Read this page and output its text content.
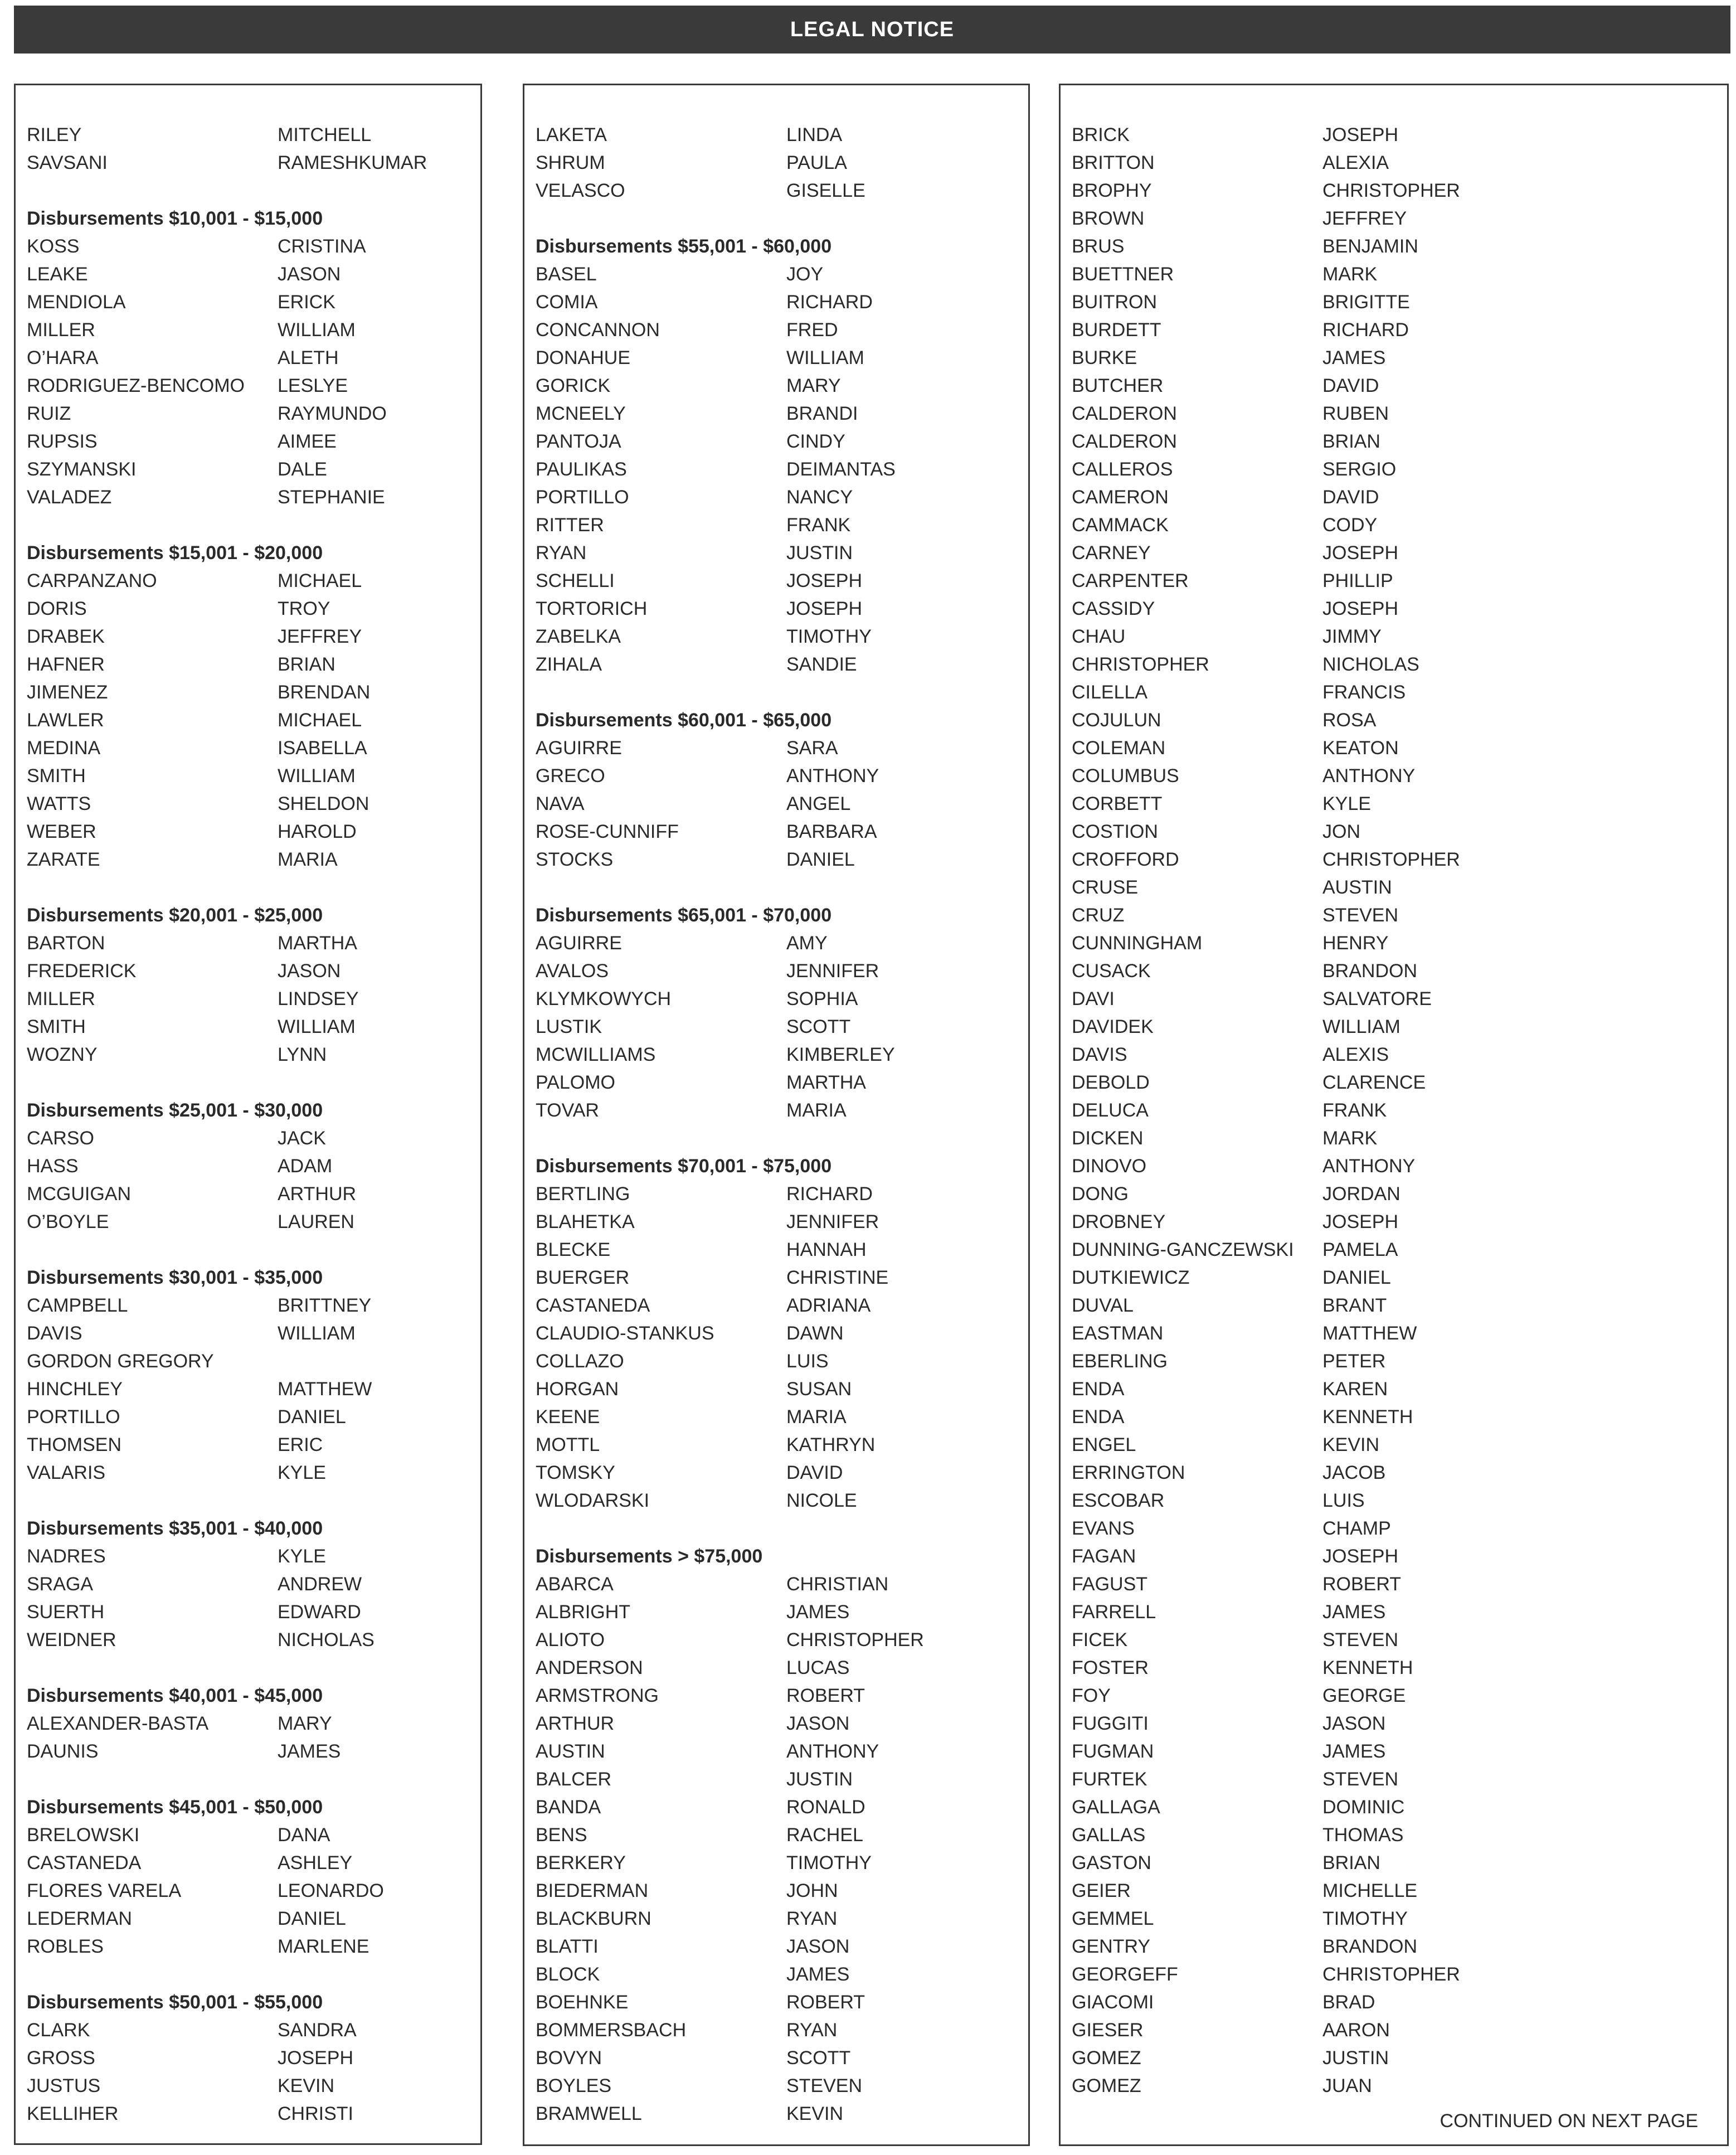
LEGAL NOTICE
RILEY	MITCHELL
SAVSANI	RAMESHKUMAR
Disbursements $10,001 - $15,000
KOSS	CRISTINA
LEAKE	JASON
MENDIOLA	ERICK
MILLER	WILLIAM
O’HARA	ALETH
RODRIGUEZ-BENCOMO	LESLYE
RUIZ	RAYMUNDO
RUPSIS	AIMEE
SZYMANSKI	DALE
VALADEZ	STEPHANIE
Disbursements $15,001 - $20,000
CARPANZANO	MICHAEL
DORIS	TROY
DRABEK	JEFFREY
HAFNER	BRIAN
JIMENEZ	BRENDAN
LAWLER	MICHAEL
MEDINA	ISABELLA
SMITH	WILLIAM
WATTS	SHELDON
WEBER	HAROLD
ZARATE	MARIA
Disbursements $20,001 - $25,000
BARTON	MARTHA
FREDERICK	JASON
MILLER	LINDSEY
SMITH	WILLIAM
WOZNY	LYNN
Disbursements $25,001 - $30,000
CARSO	JACK
HASS	ADAM
MCGUIGAN	ARTHUR
O’BOYLE	LAUREN
Disbursements $30,001 - $35,000
CAMPBELL	BRITTNEY
DAVIS	WILLIAM
GORDON GREGORY
HINCHLEY	MATTHEW
PORTILLO	DANIEL
THOMSEN	ERIC
VALARIS	KYLE
Disbursements $35,001 - $40,000
NADRES	KYLE
SRAGA	ANDREW
SUERTH	EDWARD
WEIDNER	NICHOLAS
Disbursements $40,001 - $45,000
ALEXANDER-BASTA	MARY
DAUNIS	JAMES
Disbursements $45,001 - $50,000
BRELOWSKI	DANA
CASTANEDA	ASHLEY
FLORES VARELA	LEONARDO
LEDERMAN	DANIEL
ROBLES	MARLENE
Disbursements $50,001 - $55,000
CLARK	SANDRA
GROSS	JOSEPH
JUSTUS	KEVIN
KELLIHER	CHRISTI
LAKETA	LINDA
SHRUM	PAULA
VELASCO	GISELLE
Disbursements $55,001 - $60,000
BASEL	JOY
COMIA	RICHARD
CONCANNON	FRED
DONAHUE	WILLIAM
GORICK	MARY
MCNEELY	BRANDI
PANTOJA	CINDY
PAULIKAS	DEIMANTAS
PORTILLO	NANCY
RITTER	FRANK
RYAN	JUSTIN
SCHELLI	JOSEPH
TORTORICH	JOSEPH
ZABELKA	TIMOTHY
ZIHALA	SANDIE
Disbursements $60,001 - $65,000
AGUIRRE	SARA
GRECO	ANTHONY
NAVA	ANGEL
ROSE-CUNNIFF	BARBARA
STOCKS	DANIEL
Disbursements $65,001 - $70,000
AGUIRRE	AMY
AVALOS	JENNIFER
KLYMKOWYCH	SOPHIA
LUSTIK	SCOTT
MCWILLIAMS	KIMBERLEY
PALOMO	MARTHA
TOVAR	MARIA
Disbursements $70,001 - $75,000
BERTLING	RICHARD
BLAHETKA	JENNIFER
BLECKE	HANNAH
BUERGER	CHRISTINE
CASTANEDA	ADRIANA
CLAUDIO-STANKUS	DAWN
COLLAZO	LUIS
HORGAN	SUSAN
KEENE	MARIA
MOTTL	KATHRYN
TOMSKY	DAVID
WLODARSKI	NICOLE
Disbursements > $75,000
ABARCA	CHRISTIAN
ALBRIGHT	JAMES
ALIOTO	CHRISTOPHER
ANDERSON	LUCAS
ARMSTRONG	ROBERT
ARTHUR	JASON
AUSTIN	ANTHONY
BALCER	JUSTIN
BANDA	RONALD
BENS	RACHEL
BERKERY	TIMOTHY
BIEDERMAN	JOHN
BLACKBURN	RYAN
BLATTI	JASON
BLOCK	JAMES
BOEHNKE	ROBERT
BOMMERSBACH	RYAN
BOVYN	SCOTT
BOYLES	STEVEN
BRAMWELL	KEVIN
BRICK	JOSEPH
BRITTON	ALEXIA
BROPHY	CHRISTOPHER
BROWN	JEFFREY
BRUS	BENJAMIN
BUETTNER	MARK
BUITRON	BRIGITTE
BURDETT	RICHARD
BURKE	JAMES
BUTCHER	DAVID
CALDERON	RUBEN
CALDERON	BRIAN
CALLEROS	SERGIO
CAMERON	DAVID
CAMMACK	CODY
CARNEY	JOSEPH
CARPENTER	PHILLIP
CASSIDY	JOSEPH
CHAU	JIMMY
CHRISTOPHER	NICHOLAS
CILELLA	FRANCIS
COJULUN	ROSA
COLEMAN	KEATON
COLUMBUS	ANTHONY
CORBETT	KYLE
COSTION	JON
CROFFORD	CHRISTOPHER
CRUSE	AUSTIN
CRUZ	STEVEN
CUNNINGHAM	HENRY
CUSACK	BRANDON
DAVI	SALVATORE
DAVIDEK	WILLIAM
DAVIS	ALEXIS
DEBOLD	CLARENCE
DELUCA	FRANK
DICKEN	MARK
DINOVO	ANTHONY
DONG	JORDAN
DROBNEY	JOSEPH
DUNNING-GANCZEWSKI	PAMELA
DUTKIEWICZ	DANIEL
DUVAL	BRANT
EASTMAN	MATTHEW
EBERLING	PETER
ENDA	KAREN
ENDA	KENNETH
ENGEL	KEVIN
ERRINGTON	JACOB
ESCOBAR	LUIS
EVANS	CHAMP
FAGAN	JOSEPH
FAGUST	ROBERT
FARRELL	JAMES
FICEK	STEVEN
FOSTER	KENNETH
FOY	GEORGE
FUGGITI	JASON
FUGMAN	JAMES
FURTEK	STEVEN
GALLAGA	DOMINIC
GALLAS	THOMAS
GASTON	BRIAN
GEIER	MICHELLE
GEMMEL	TIMOTHY
GENTRY	BRANDON
GEORGEFF	CHRISTOPHER
GIACOMI	BRAD
GIESER	AARON
GOMEZ	JUSTIN
GOMEZ	JUAN
CONTINUED ON NEXT PAGE
